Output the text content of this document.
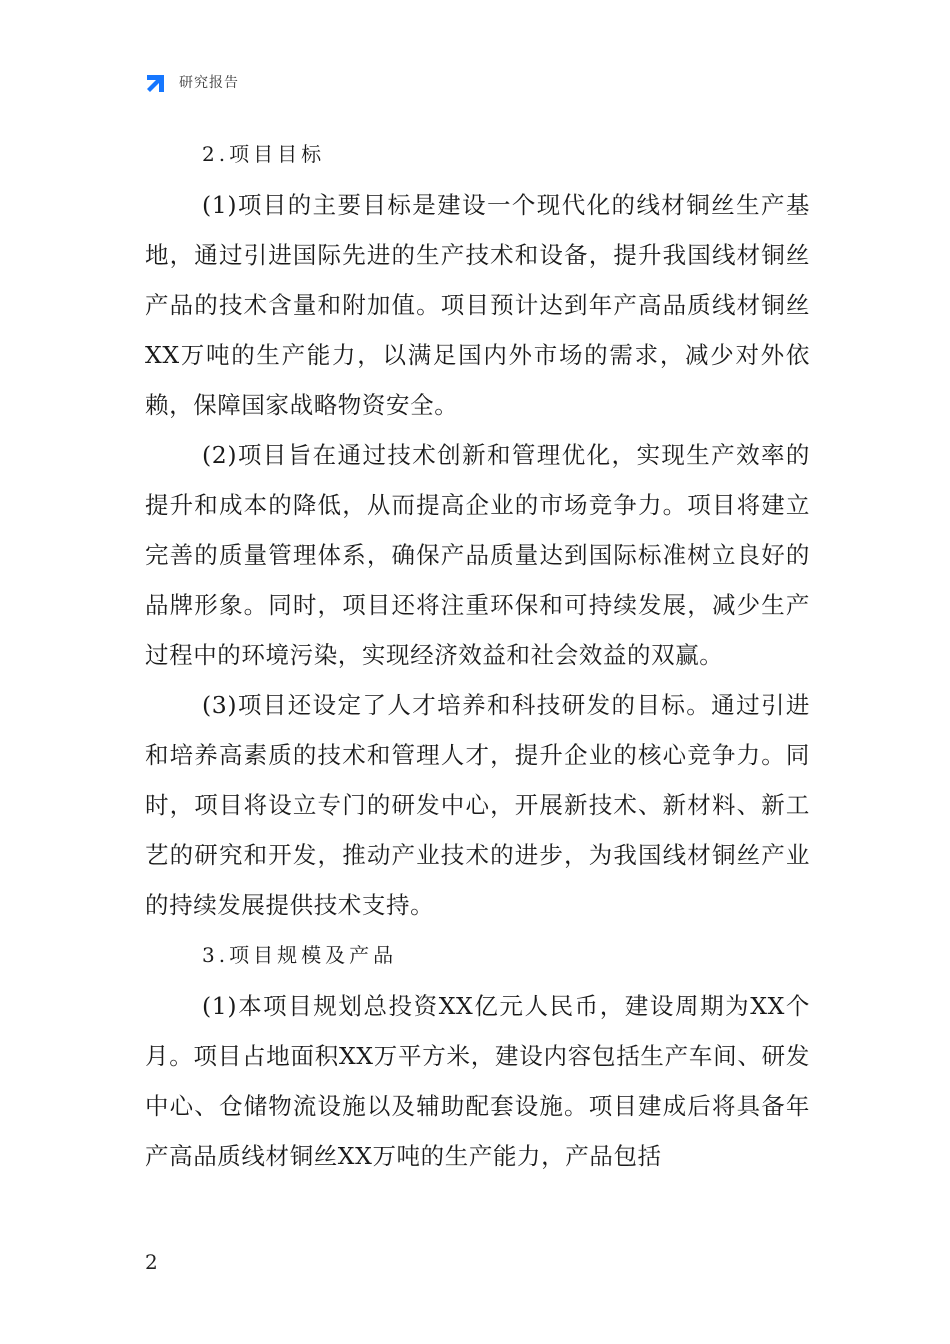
研究报告
2.项目目标

(1)项目的主要目标是建设一个现代化的线材铜丝生产基地，通过引进国际先进的生产技术和设备，提升我国线材铜丝产品的技术含量和附加值。项目预计达到年产高品质线材铜丝XX万吨的生产能力，以满足国内外市场的需求，减少对外依赖，保障国家战略物资安全。

(2)项目旨在通过技术创新和管理优化，实现生产效率的提升和成本的降低，从而提高企业的市场竞争力。项目将建立完善的质量管理体系，确保产品质量达到国际标准树立良好的品牌形象。同时，项目还将注重环保和可持续发展，减少生产过程中的环境污染，实现经济效益和社会效益的双赢。

(3)项目还设定了人才培养和科技研发的目标。通过引进和培养高素质的技术和管理人才，提升企业的核心竞争力。同时，项目将设立专门的研发中心，开展新技术、新材料、新工艺的研究和开发，推动产业技术的进步，为我国线材铜丝产业的持续发展提供技术支持。

3.项目规模及产品

(1)本项目规划总投资XX亿元人民币，建设周期为XX个月。项目占地面积XX万平方米，建设内容包括生产车间、研发中心、仓储物流设施以及辅助配套设施。项目建成后将具备年产高品质线材铜丝XX万吨的生产能力，产品包括

2
